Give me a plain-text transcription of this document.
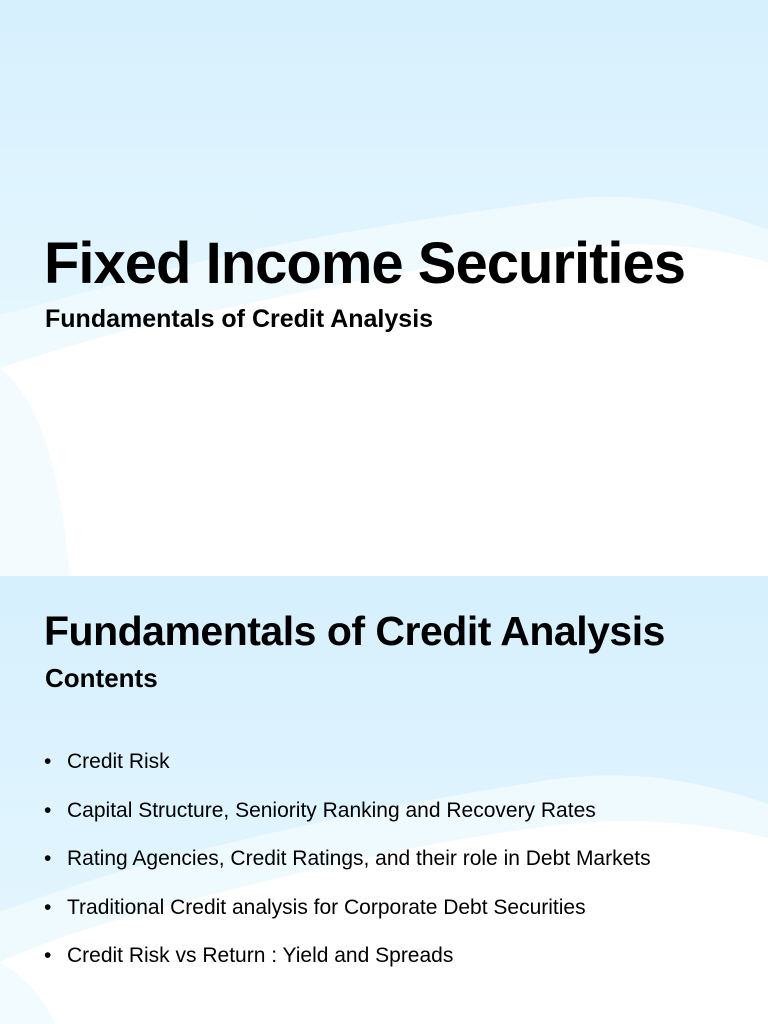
Fixed Income Securities
Fundamentals of Credit Analysis
Fundamentals of Credit Analysis
Contents
• Credit Risk
• Capital Structure, Seniority Ranking and Recovery Rates
• Rating Agencies, Credit Ratings, and their role in Debt Markets
• Traditional Credit analysis for Corporate Debt Securities
• Credit Risk vs Return : Yield and Spreads
